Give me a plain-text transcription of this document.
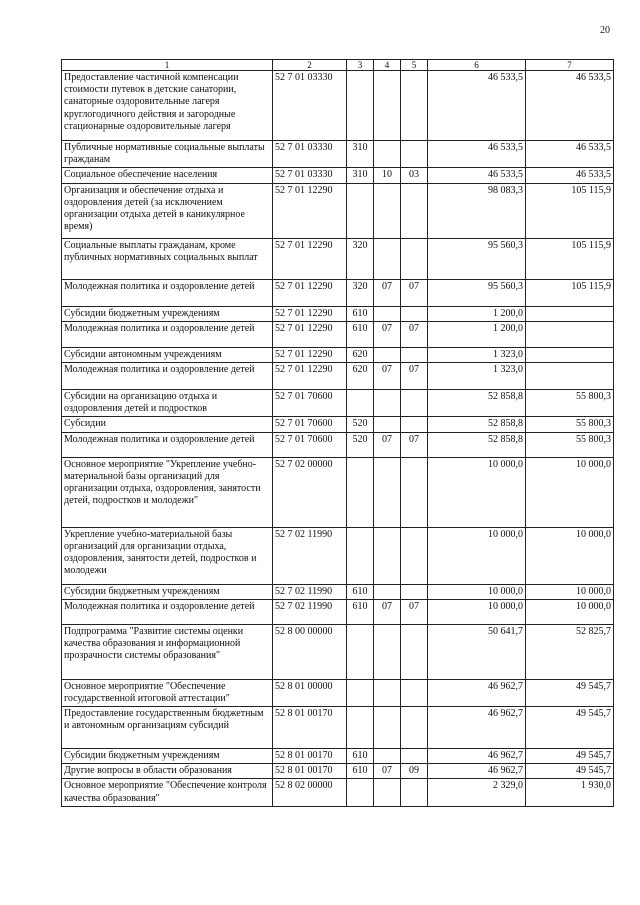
20
1	2	3	4	5	6	7
Предоставление частичной компенсации стоимости путевок в детские санатории, санаторные оздоровительные лагеря круглогодичного действия и загородные стационарные оздоровительные лагеря	52 7 01 03330				46 533,5	46 533,5
Публичные нормативные социальные выплаты гражданам	52 7 01 03330	310			46 533,5	46 533,5
Социальное обеспечение населения	52 7 01 03330	310	10	03	46 533,5	46 533,5
Организация и обеспечение отдыха и оздоровления детей (за исключением организации отдыха детей в каникулярное время)	52 7 01 12290				98 083,3	105 115,9
Социальные выплаты гражданам, кроме публичных нормативных социальных выплат	52 7 01 12290	320			95 560,3	105 115,9
Молодежная политика и оздоровление детей	52 7 01 12290	320	07	07	95 560,3	105 115,9
Субсидии бюджетным учреждениям	52 7 01 12290	610			1 200,0	
Молодежная политика и оздоровление детей	52 7 01 12290	610	07	07	1 200,0	
Субсидии автономным учреждениям	52 7 01 12290	620			1 323,0	
Молодежная политика и оздоровление детей	52 7 01 12290	620	07	07	1 323,0	
Субсидии на организацию отдыха и оздоровления детей и подростков	52 7 01 70600				52 858,8	55 800,3
Субсидии	52 7 01 70600	520			52 858,8	55 800,3
Молодежная политика и оздоровление детей	52 7 01 70600	520	07	07	52 858,8	55 800,3
Основное мероприятие "Укрепление учебно-материальной базы организаций для организации отдыха, оздоровления, занятости детей, подростков и молодежи"	52 7 02 00000				10 000,0	10 000,0
Укрепление учебно-материальной базы организаций для организации отдыха, оздоровления, занятости детей, подростков и молодежи	52 7 02 11990				10 000,0	10 000,0
Субсидии бюджетным учреждениям	52 7 02 11990	610			10 000,0	10 000,0
Молодежная политика и оздоровление детей	52 7 02 11990	610	07	07	10 000,0	10 000,0
Подпрограмма "Развитие системы оценки качества образования и информационной прозрачности системы образования"	52 8 00 00000				50 641,7	52 825,7
Основное мероприятие "Обеспечение государственной итоговой аттестации"	52 8 01 00000				46 962,7	49 545,7
Предоставление государственным бюджетным и автономным организациям субсидий	52 8 01 00170				46 962,7	49 545,7
Субсидии бюджетным учреждениям	52 8 01 00170	610			46 962,7	49 545,7
Другие вопросы в области образования	52 8 01 00170	610	07	09	46 962,7	49 545,7
Основное мероприятие "Обеспечение контроля качества образования"	52 8 02 00000				2 329,0	1 930,0
